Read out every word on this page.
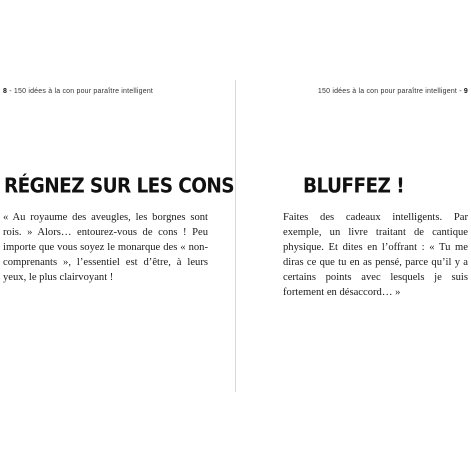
8 - 150 idées à la con pour paraître intelligent
RÉGNEZ SUR LES CONS
« Au royaume des aveugles, les borgnes sont rois. » Alors… entourez-vous de cons ! Peu importe que vous soyez le monarque des « non-comprenants », l’essentiel est d’être, à leurs yeux, le plus clairvoyant !
150 idées à la con pour paraître intelligent - 9
BLUFFEZ !
Faites des cadeaux intelligents. Par exemple, un livre traitant de cantique physique. Et dites en l’offrant : « Tu me diras ce que tu en as pensé, parce qu’il y a certains points avec lesquels je suis fortement en désaccord… »
